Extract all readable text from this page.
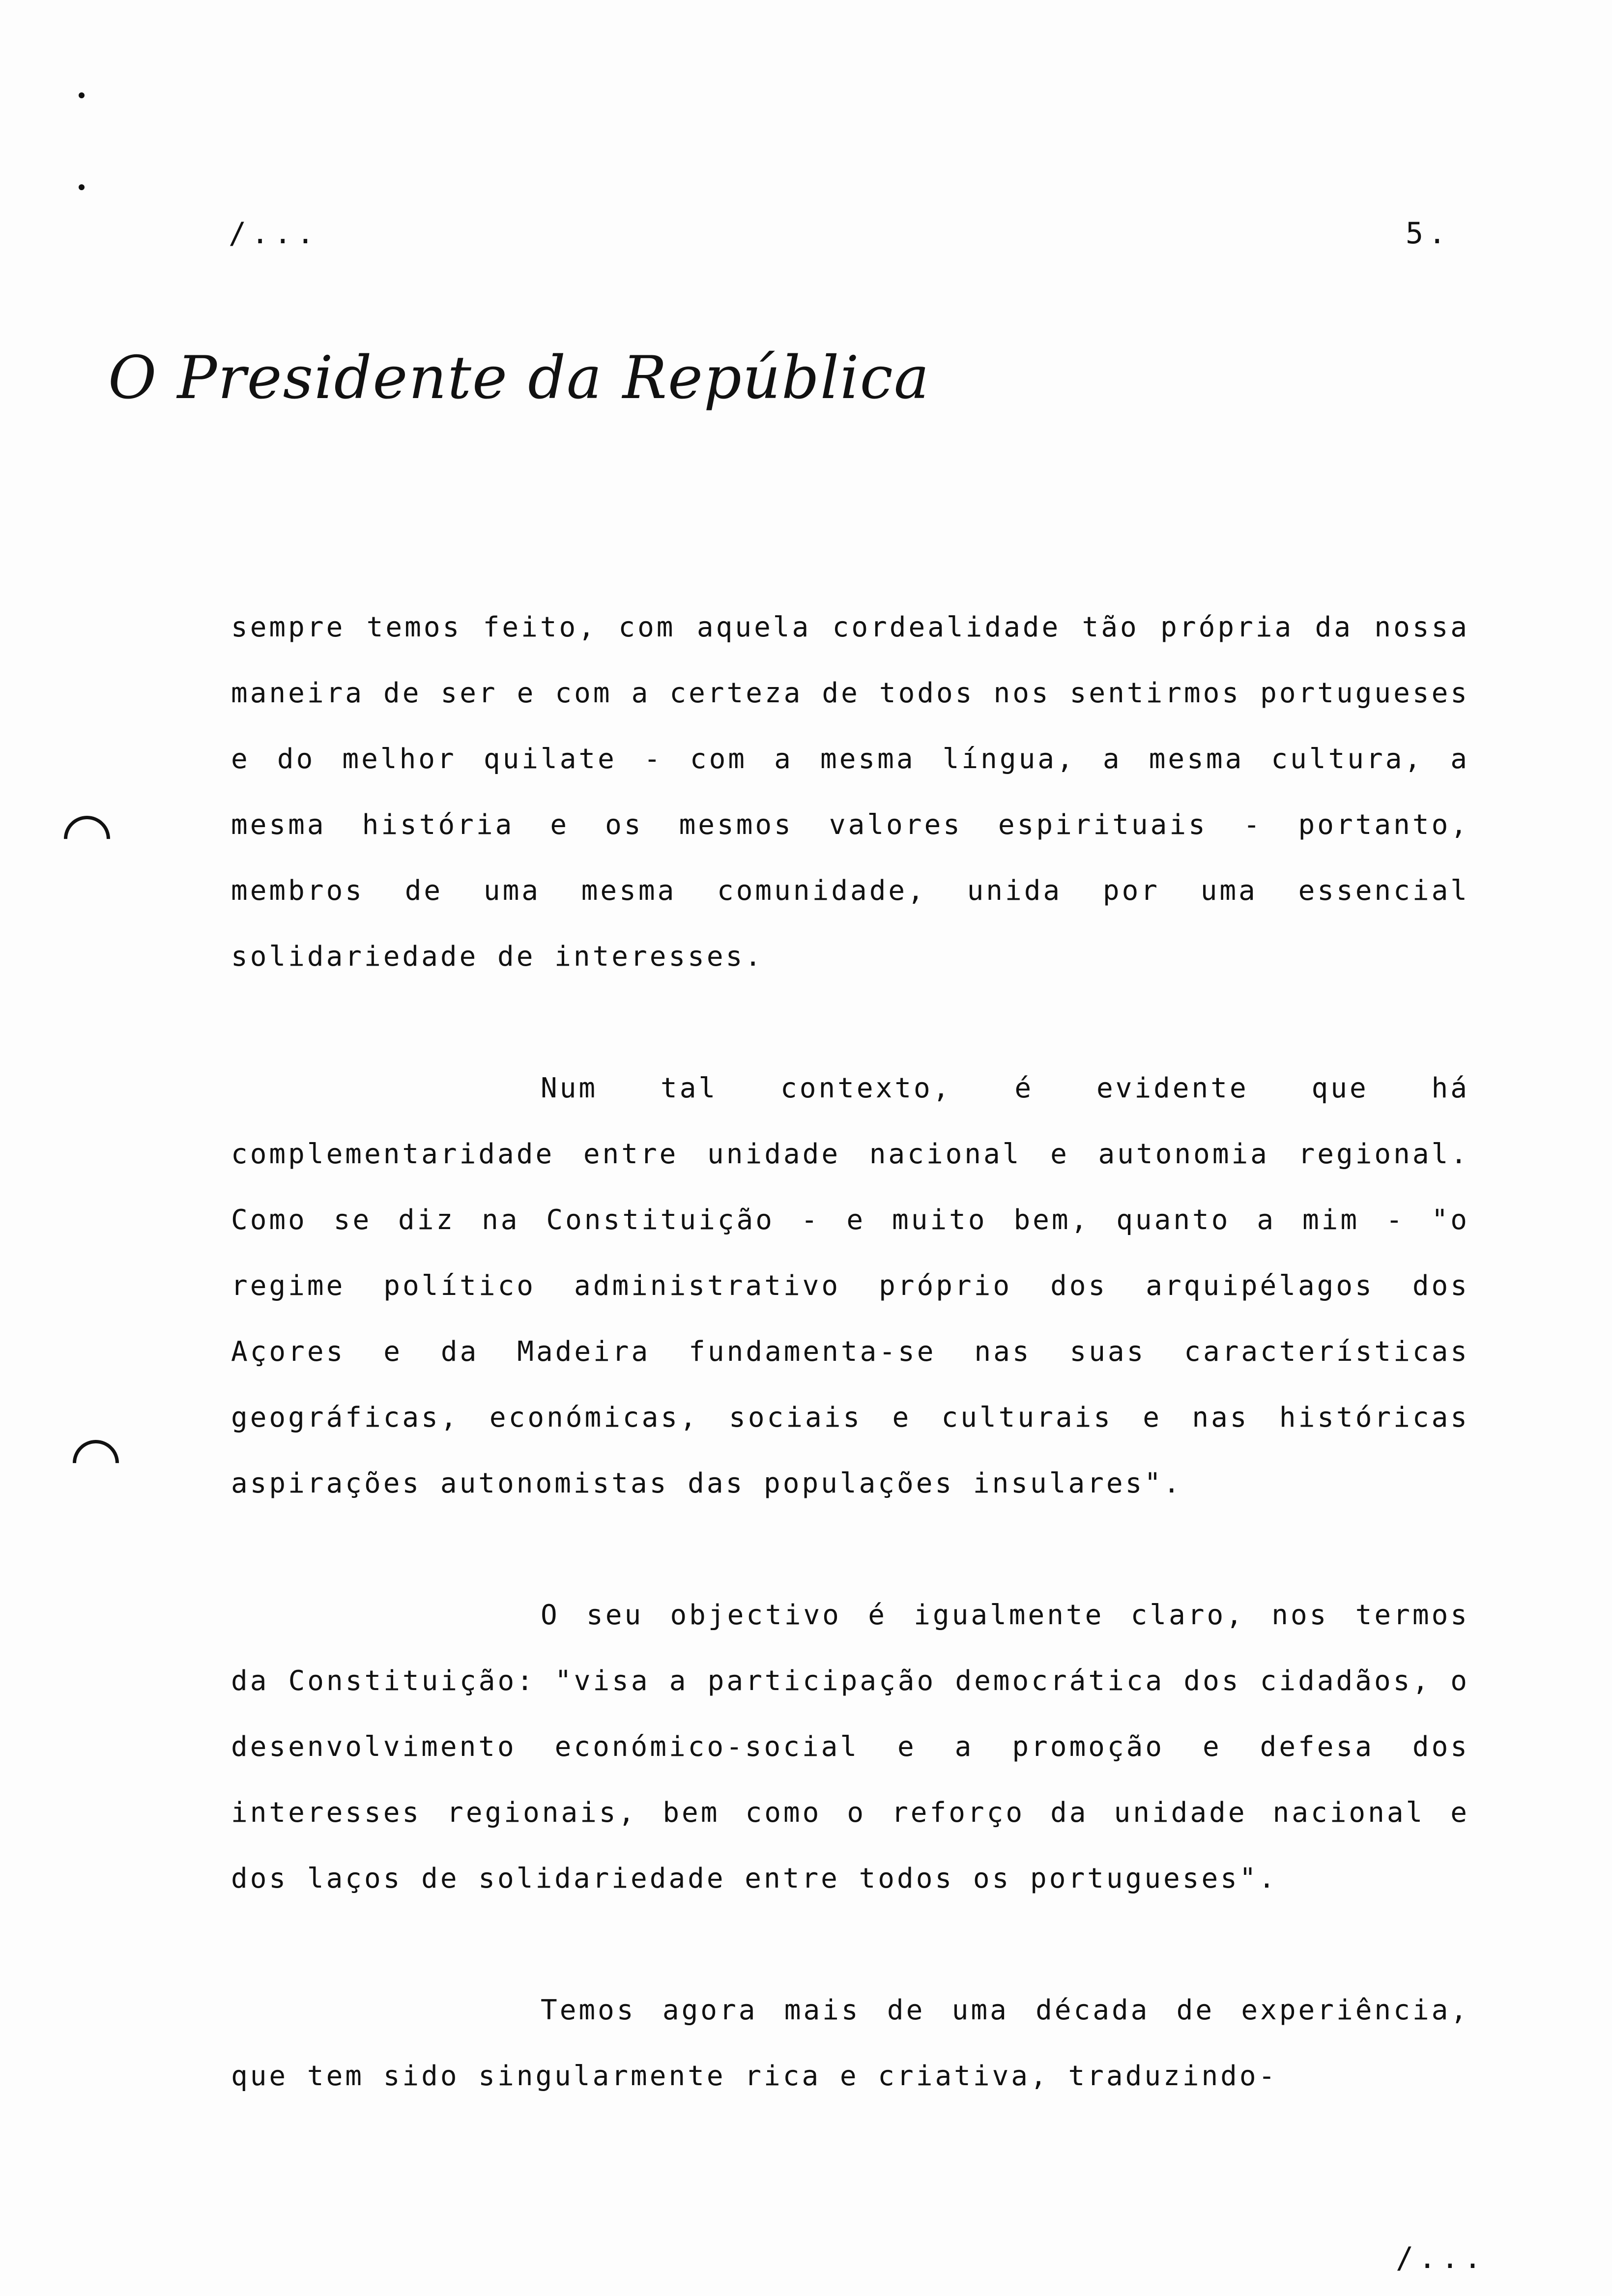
/...	5.
O Presidente da República

sempre temos feito, com aquela cordealidade tão própria da nossa maneira de ser e com a certeza de todos nos sentirmos portugueses e do melhor quilate - com a mesma língua, a mesma cultura, a mesma história e os mesmos valores espirituais - portanto, membros de uma mesma comunidade, unida por uma essencial solidariedade de interesses.

Num tal contexto, é evidente que há complementaridade entre unidade nacional e autonomia regional. Como se diz na Constituição - e muito bem, quanto a mim - "o regime político administrativo próprio dos arquipélagos dos Açores e da Madeira fundamenta-se nas suas características geográficas, económicas, sociais e culturais e nas históricas aspirações autonomistas das populações insulares".

O seu objectivo é igualmente claro, nos termos da Constituição: "visa a participação democrática dos cidadãos, o desenvolvimento económico-social e a promoção e defesa dos interesses regionais, bem como o reforço da unidade nacional e dos laços de solidariedade entre todos os portugueses".

Temos agora mais de uma década de experiência, que tem sido singularmente rica e criativa, traduzindo-

/...
